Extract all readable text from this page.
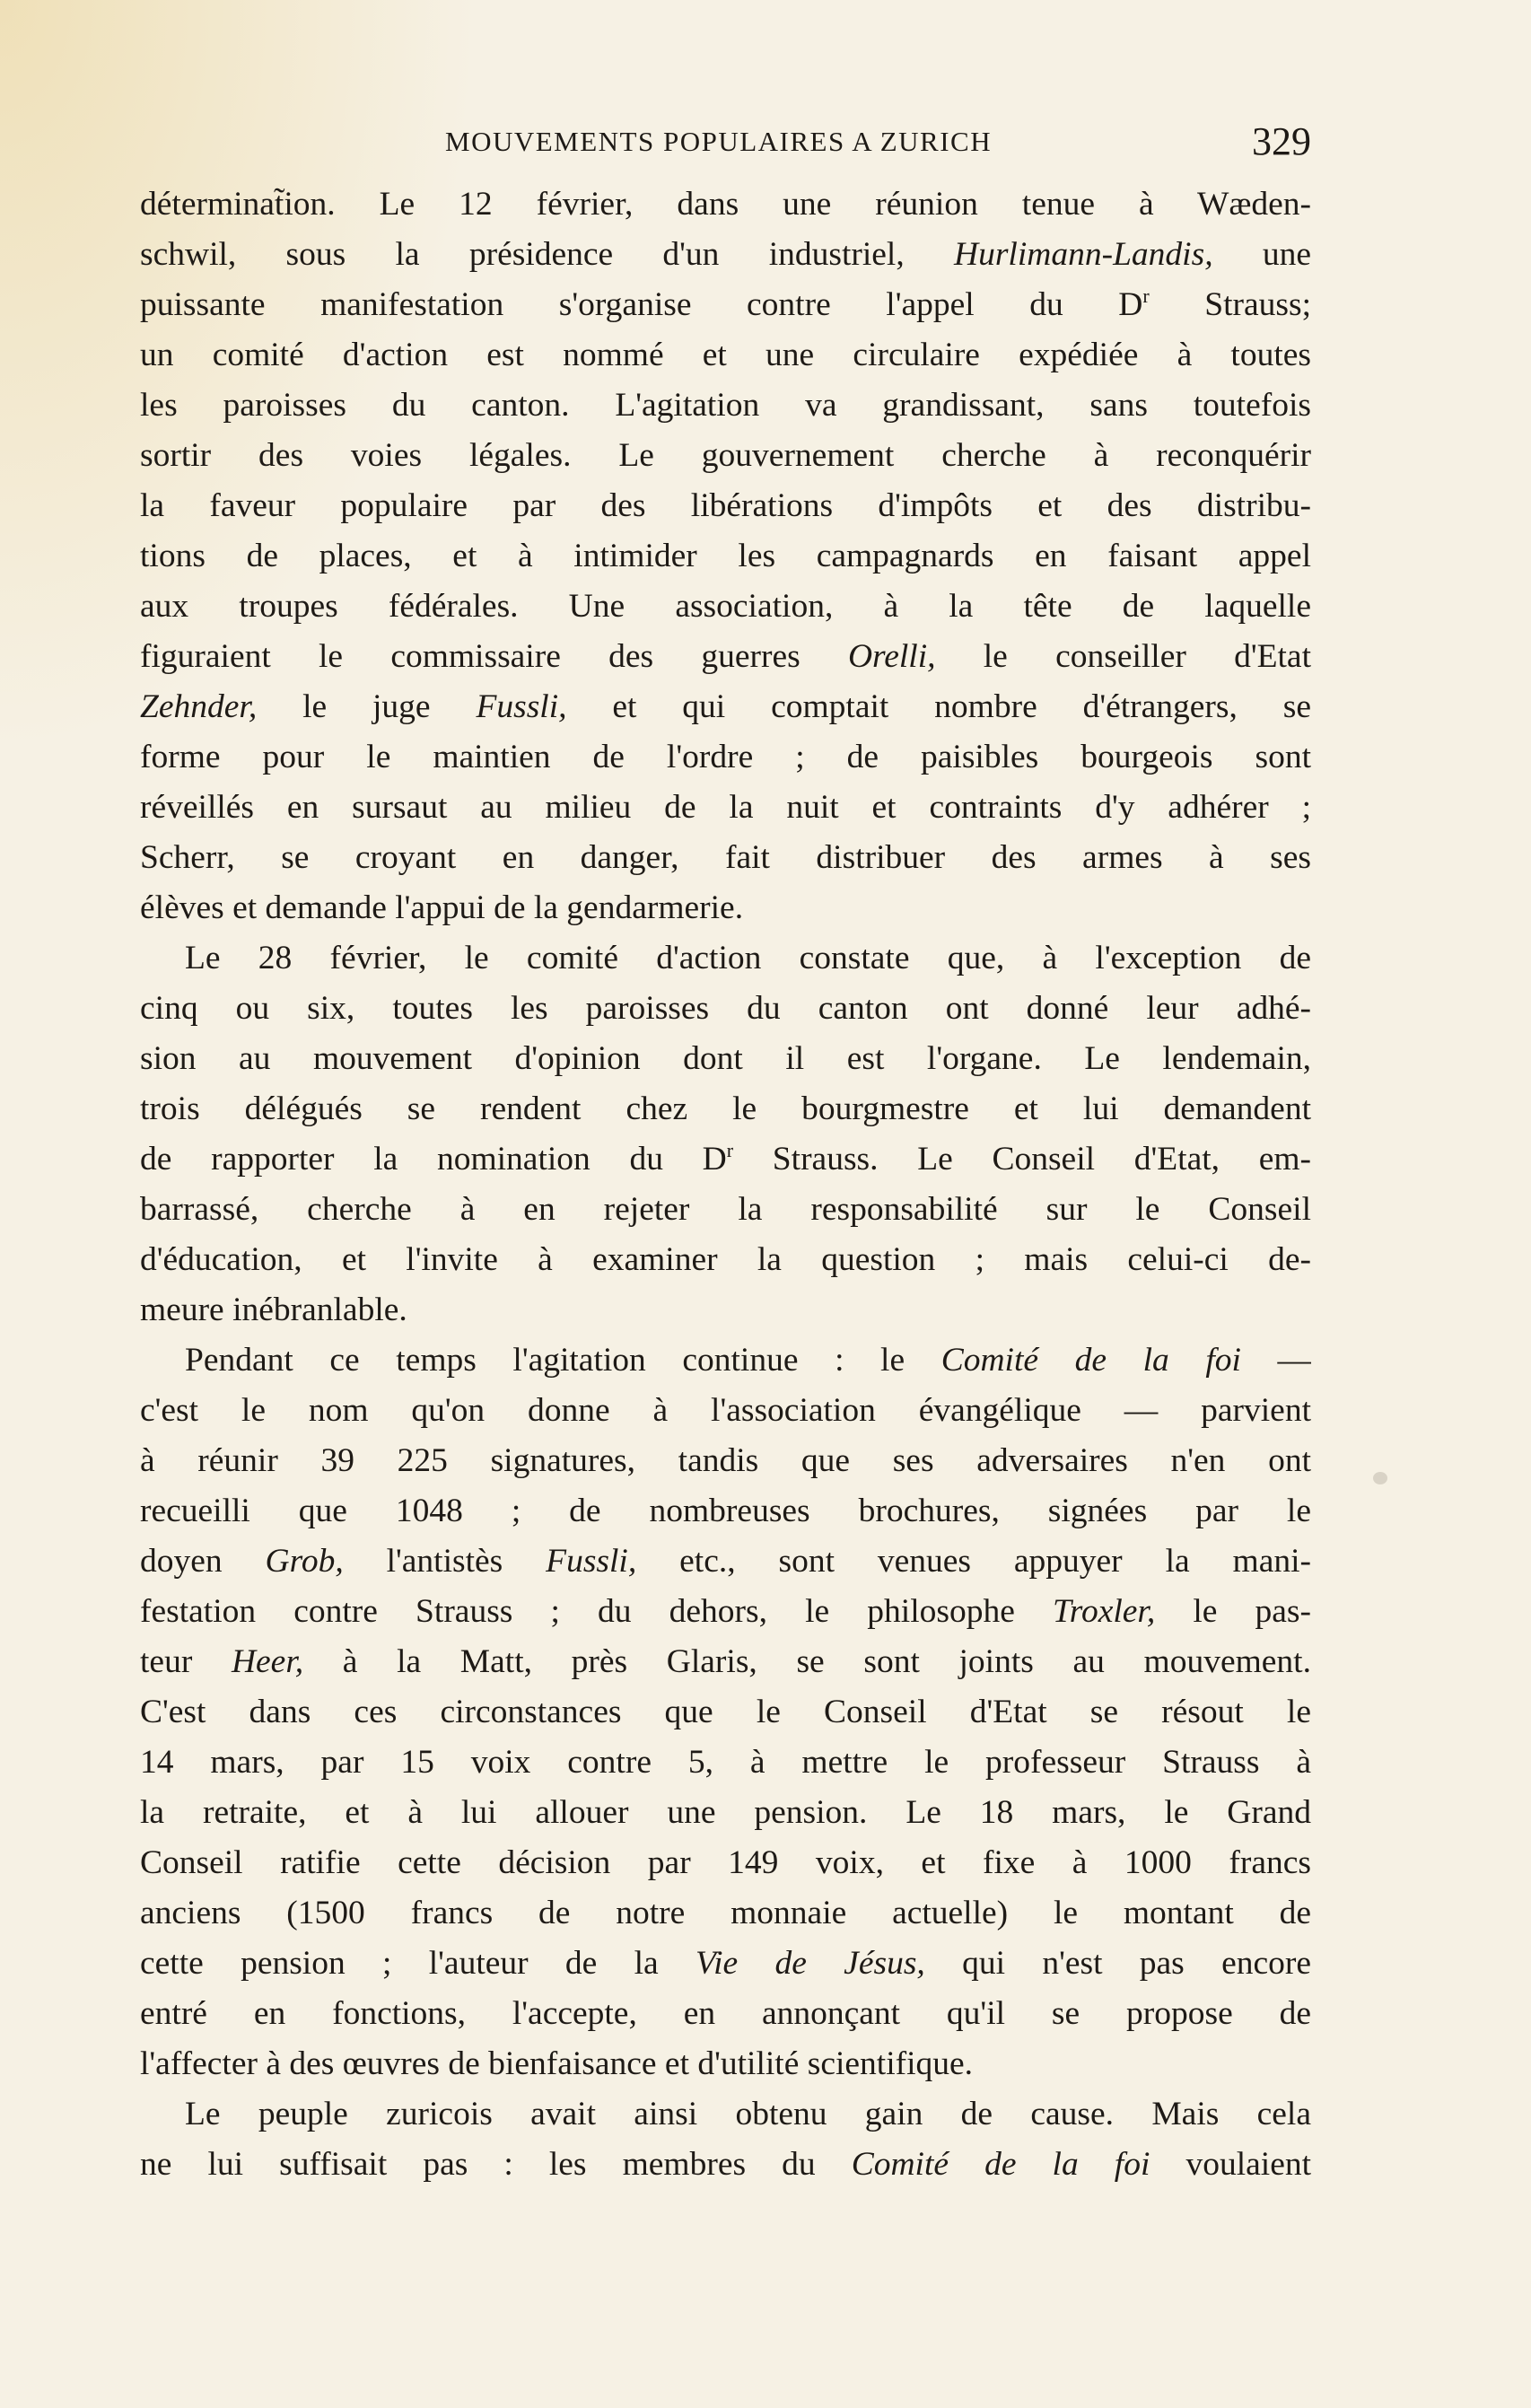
MOUVEMENTS POPULAIRES A ZURICH	329
déterminat̃ion. Le 12 février, dans une réunion tenue à Wæden-
schwil, sous la présidence d'un industriel, Hurlimann-Landis, une
puissante manifestation s'organise contre l'appel du $D^r$ Strauss;
un comité d'action est nommé et une circulaire expédiée à toutes
les paroisses du canton. L'agitation va grandissant, sans toutefois
sortir des voies légales. Le gouvernement cherche à reconquérir
la faveur populaire par des libérations d'impôts et des distribu-
tions de places, et à intimider les campagnards en faisant appel
aux troupes fédérales. Une association, à la tête de laquelle
figuraient le commissaire des guerres Orelli, le conseiller d'Etat
Zehnder, le juge Fussli, et qui comptait nombre d'étrangers, se
forme pour le maintien de l'ordre ; de paisibles bourgeois sont
réveillés en sursaut au milieu de la nuit et contraints d'y adhérer ;
Scherr, se croyant en danger, fait distribuer des armes à ses
élèves et demande l'appui de la gendarmerie.
Le 28 février, le comité d'action constate que, à l'exception de
cinq ou six, toutes les paroisses du canton ont donné leur adhé-
sion au mouvement d'opinion dont il est l'organe. Le lendemain,
trois délégués se rendent chez le bourgmestre et lui demandent
de rapporter la nomination du $D^r$ Strauss. Le Conseil d'Etat, em-
barrassé, cherche à en rejeter la responsabilité sur le Conseil
d'éducation, et l'invite à examiner la question ; mais celui-ci de-
meure inébranlable.
Pendant ce temps l'agitation continue : le Comité de la foi —
c'est le nom qu'on donne à l'association évangélique — parvient
à réunir 39 225 signatures, tandis que ses adversaires n'en ont
recueilli que 1048 ; de nombreuses brochures, signées par le
doyen Grob, l'antistès Fussli, etc., sont venues appuyer la mani-
festation contre Strauss ; du dehors, le philosophe Troxler, le pas-
teur Heer, à la Matt, près Glaris, se sont joints au mouvement.
C'est dans ces circonstances que le Conseil d'Etat se résout le
14 mars, par 15 voix contre 5, à mettre le professeur Strauss à
la retraite, et à lui allouer une pension. Le 18 mars, le Grand
Conseil ratifie cette décision par 149 voix, et fixe à 1000 francs
anciens (1500 francs de notre monnaie actuelle) le montant de
cette pension ; l'auteur de la Vie de Jésus, qui n'est pas encore
entré en fonctions, l'accepte, en annonçant qu'il se propose de
l'affecter à des œuvres de bienfaisance et d'utilité scientifique.
Le peuple zuricois avait ainsi obtenu gain de cause. Mais cela
ne lui suffisait pas : les membres du Comité de la foi voulaient
